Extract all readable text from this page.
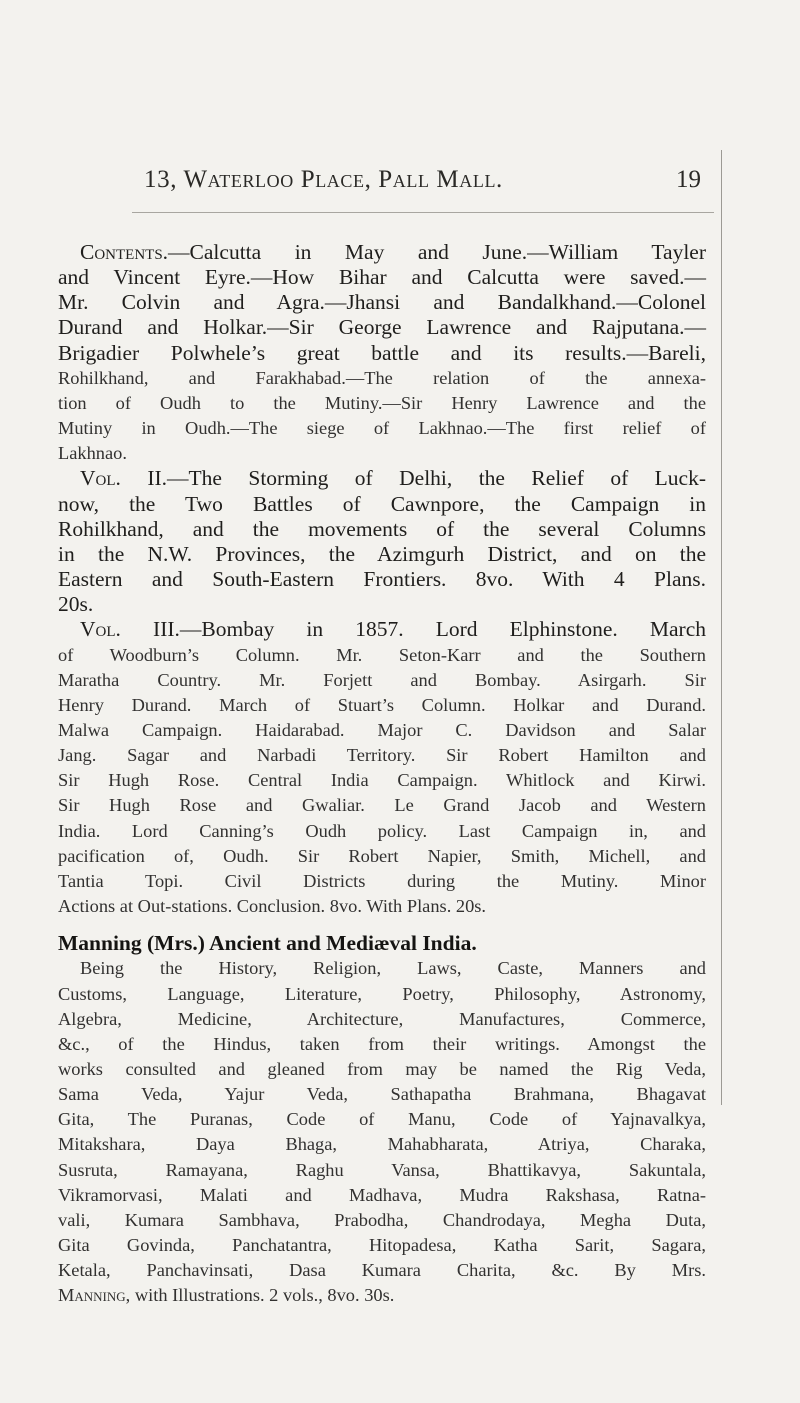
13, Waterloo Place, Pall Mall.	19
Contents.—Calcutta in May and June.—William Tayler
and Vincent Eyre.—How Bihar and Calcutta were saved.—
Mr. Colvin and Agra.—Jhansi and Bandalkhand.—Colonel
Durand and Holkar.—Sir George Lawrence and Rajputana.—
Brigadier Polwhele’s great battle and its results.—Bareli,
Rohilkhand, and Farakhabad.—The relation of the annexa-
tion of Oudh to the Mutiny.—Sir Henry Lawrence and the
Mutiny in Oudh.—The siege of Lakhnao.—The first relief of
Lakhnao.
Vol. II.—The Storming of Delhi, the Relief of Luck-
now, the Two Battles of Cawnpore, the Campaign in
Rohilkhand, and the movements of the several Columns
in the N.W. Provinces, the Azimgurh District, and on the
Eastern and South-Eastern Frontiers. 8vo. With 4 Plans.
20s.
Vol. III.—Bombay in 1857. Lord Elphinstone. March
of Woodburn’s Column. Mr. Seton-Karr and the Southern
Maratha Country. Mr. Forjett and Bombay. Asirgarh. Sir
Henry Durand. March of Stuart’s Column. Holkar and Durand.
Malwa Campaign. Haidarabad. Major C. Davidson and Salar
Jang. Sagar and Narbadi Territory. Sir Robert Hamilton and
Sir Hugh Rose. Central India Campaign. Whitlock and Kirwi.
Sir Hugh Rose and Gwaliar. Le Grand Jacob and Western
India. Lord Canning’s Oudh policy. Last Campaign in, and
pacification of, Oudh. Sir Robert Napier, Smith, Michell, and
Tantia Topi. Civil Districts during the Mutiny. Minor
Actions at Out-stations. Conclusion. 8vo. With Plans. 20s.
Manning (Mrs.) Ancient and Mediæval India.
Being the History, Religion, Laws, Caste, Manners and
Customs, Language, Literature, Poetry, Philosophy, Astronomy,
Algebra, Medicine, Architecture, Manufactures, Commerce,
&c., of the Hindus, taken from their writings. Amongst the
works consulted and gleaned from may be named the Rig Veda,
Sama Veda, Yajur Veda, Sathapatha Brahmana, Bhagavat
Gita, The Puranas, Code of Manu, Code of Yajnavalkya,
Mitakshara, Daya Bhaga, Mahabharata, Atriya, Charaka,
Susruta, Ramayana, Raghu Vansa, Bhattikavya, Sakuntala,
Vikramorvasi, Malati and Madhava, Mudra Rakshasa, Ratna-
vali, Kumara Sambhava, Prabodha, Chandrodaya, Megha Duta,
Gita Govinda, Panchatantra, Hitopadesa, Katha Sarit, Sagara,
Ketala, Panchavinsati, Dasa Kumara Charita, &c. By Mrs.
Manning, with Illustrations. 2 vols., 8vo. 30s.
